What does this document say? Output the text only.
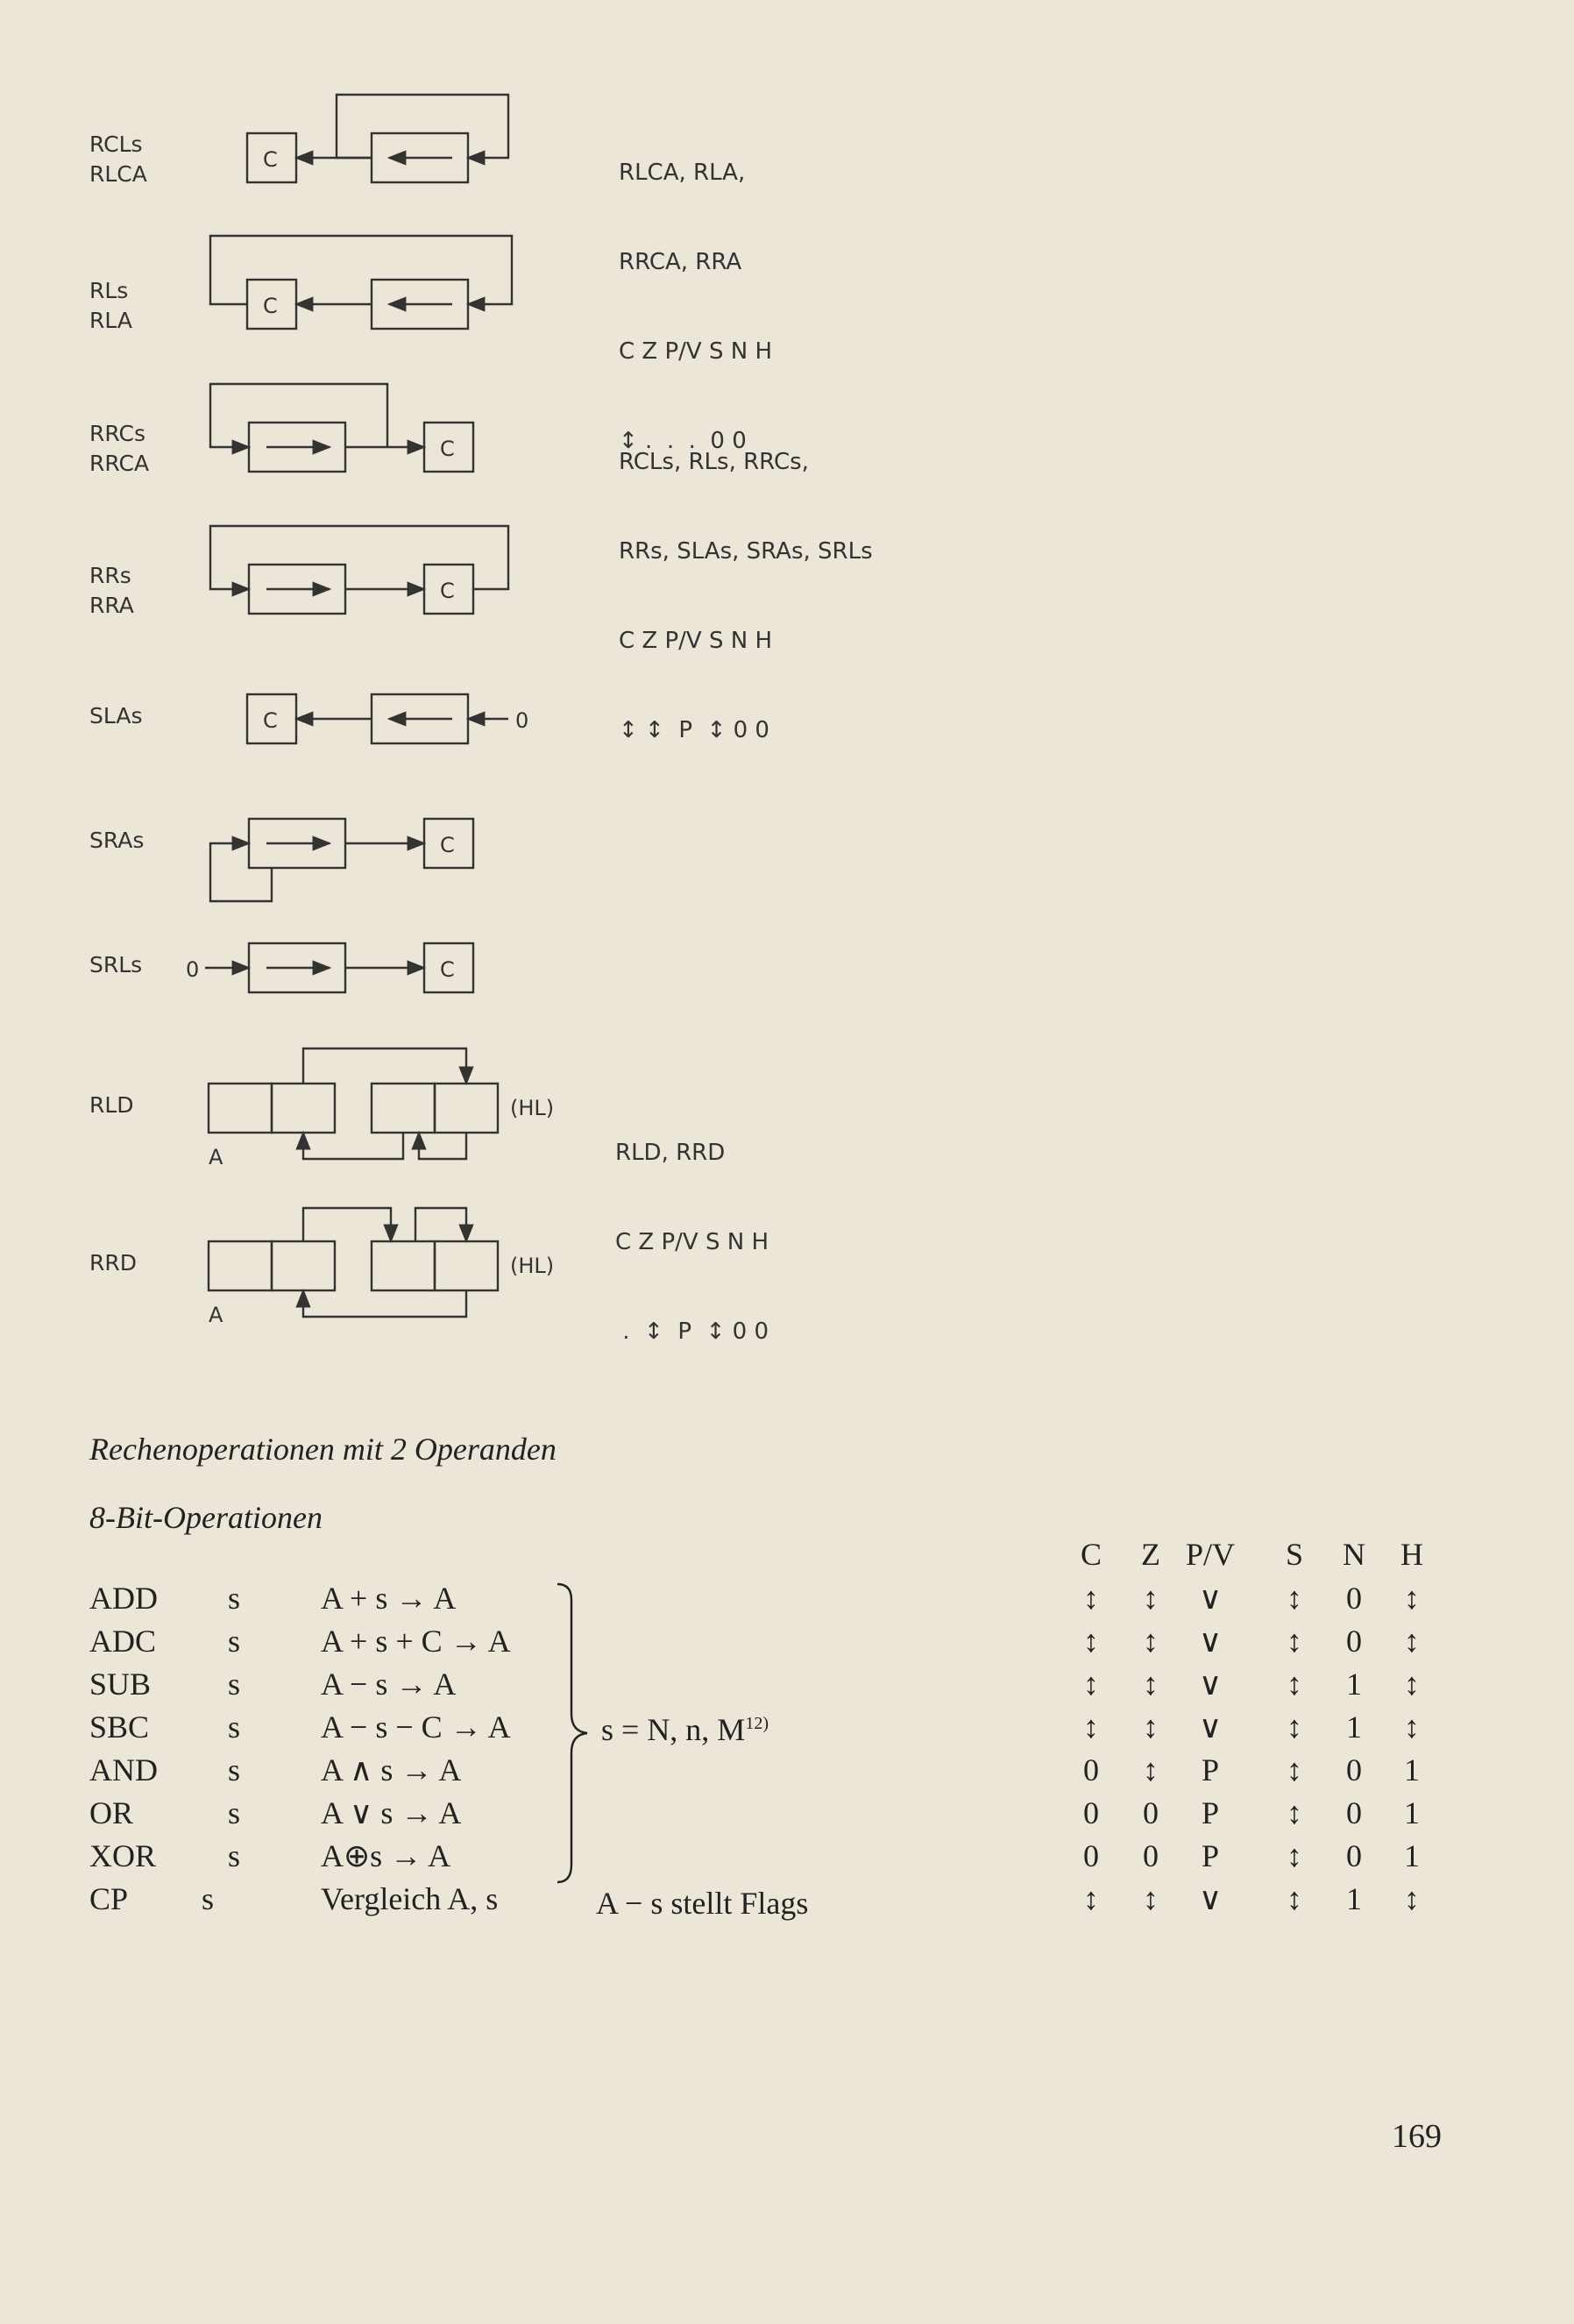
C
C
C
C
C	0
C
C
0
A
(HL)
A
(HL)
RCLs
RLCA
RLs
RLA
RRCs
RRCA
RRs
RRA
SLAs
SRAs
SRLs
RLD
RRD

RLCA, RLA,

RRCA, RRA

C Z P/V S N H

↕ .  .  .  0 0

RCLs, RLs, RRCs,

RRs, SLAs, SRAs, SRLs

C Z P/V S N H

↕ ↕  P  ↕ 0 0

RLD, RRD

C Z P/V S N H

.  ↕  P  ↕ 0 0

Rechenoperationen mit 2 Operanden
8-Bit-Operationen
ADD s	A + s → A
ADC s	A + s + C → A
SUB s	A − s → A
SBC s	A − s − C → A
AND s	A ∧ s → A
OR	s	A ∨ s → A
XOR s	A⊕s → A
CP s	Vergleich A, s
s = N, n, $M^{12)}$
A − s stellt Flags
C	Z P/V	S	N	H
↕	↕	∨	↕	0	↕
↕	↕	∨	↕	0	↕
↕	↕	∨	↕	1	↕
↕	↕	∨	↕	1	↕
0	↕	P	↕	0	1
0	0	P	↕	0	1
0	0	P	↕	0	1
↕	↕	∨	↕	1	↕
169
